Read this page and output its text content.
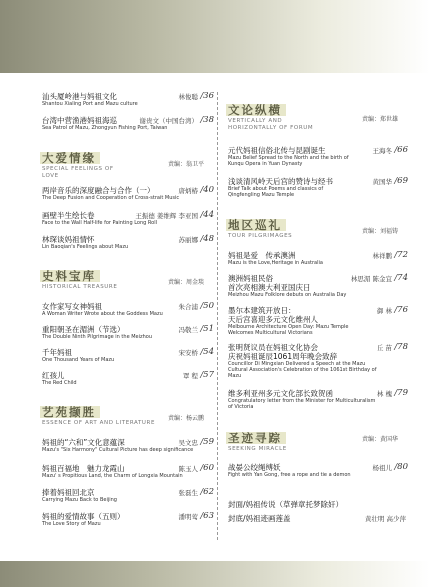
汕头厦岭港与妈祖文化
Shantou Xialing Port and Mazu culture
林俊聪 /36
台湾中营渔港妈祖海巡
Sea Patrol of Mazu, Zhongyun Fishing Port, Taiwan
谢贵文（中国台湾） /38
大爱情缘
SPECIAL FEELINGS OF LOVE
责编：翁卫平
两岸音乐的深度融合与合作（一）
The Deep Fusion and Cooperation of Cross-strait Music
唐炳椿 /40
画壁半生绘长卷
Face to the Wall Half-life for Painting Long Roll
王振德 姜维辉 李亚国 /44
林琛谈妈祖情怀
Lin Baoqian's Feelings about Mazu
苏丽娜 /48
史料宝库
HISTORICAL TREASURE
责编：周金琰
女作家写女神妈祖
A Woman Writer Wrote about the Goddess Mazu
朱合浦 /50
重阳朝圣在湄洲（节选）
The Double Ninth Pilgrimage in the Meizhou
冯敬兰 /51
千年妈祖
One Thousand Years of Mazu
宋安桥 /54
红孩儿
The Red Child
罩 程 /57
艺苑撷胜
ESSENCE OF ART AND LITERATURE
责编：杨云鹏
妈祖的“六和”文化意蕴深
Mazu's "Six Harmony" Cultural Picture has deep significance
吴文忠 /59
妈祖百福地　魅力龙霞山
Mazu' s Propitious Land, the Charm of Longxia Mountain
陈玉人 /60
捧着妈祖回北京
Carrying Mazu Back to Beijing
张磊生 /62
妈祖的爱情故事（五则）
The Love Story of Mazu
潘明莺 /63
文论纵横
VERTICALLY AND HORIZONTALLY OF FORUM
责编：郑世雄
元代妈祖信俗北传与昆剧诞生
Mazu Belief Spread to the North and the birth of Kunqu Opera in Yuan Dynasty
王海冬 /66
浅谈清风岭天后宫的赞诗与经书
Brief Talk about Poems and classics of Qingfengling Mazu Temple
黄国华 /69
地区巡礼
TOUR PILGRIMAGES
责编：刘福铸
妈祖是爱　传承澳洲
Mazu is the Love,Heritage in Australia
林祥鹏 /72
澳洲妈祖民俗
首次亮相澳大利亚国庆日
Meizhou Mazu Folklore debuts on Australia Day
林思湄 陈金宜 /74
墨尔本建筑开放日：
天后宫喜迎多元文化维州人
Melbourne Architecture Open Day: Mazu Temple Welcomes Multicultural Victorians
御 林 /76
张明贤议员在妈祖文化协会
庆祝妈祖诞辰1061周年晚会致辞
Councillor Di Mingxian Delivered a Speech at the Mazu Cultural Association's Celebration of the 1061st Birthday of Mazu
丘 苗 /78
维多利亚州多元文化部长致贺函
Congratulatory letter from the Minister for Multiculturalism of Victoria
林 槐 /79
圣迹寻踪
SEEKING MIRACLE
责编：黄国华
战晏公绞绳缚妖
Fight with Yan Gong, free a rope and tie a demon
杨祖儿 /80
封面/妈祖传说（草弹章托梦除奸）
封底/妈祖迹画莲盖	黄壮明 高少萍
